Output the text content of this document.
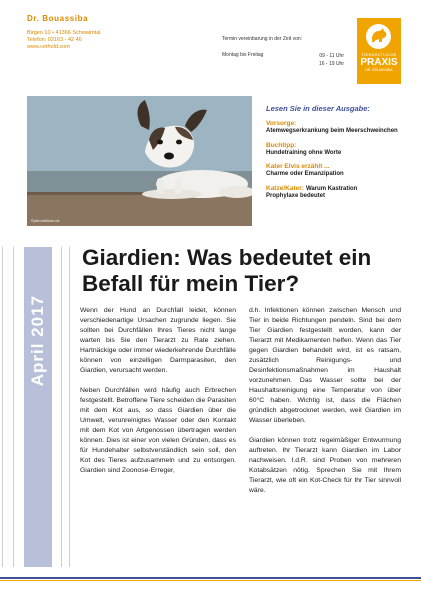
Dr. Bouassiba
Birgen 10 • 41366 Schwalmtal
Telefon: 02163 - 42 46
www.cethold.com
Termin vereinbarung in der Zeit von:
Montag bis Freitag	09 - 11 Uhr
16 - 19 Uhr
TIERÄRZTLICHE
PRAXIS
DR. BOUASSIBA
©pitronbilicer.de
Lesen Sie in dieser Ausgabe:
Vorsorge:
Atemwegserkrankung beim Meerschweinchen
Buchtipp:
Hundetraining ohne Worte
Kater Elvis erzählt ...
Charme oder Emanzipation
Katze/Kater: Warum Kastration
Prophylaxe bedeutet
April 2017
Giardien: Was bedeutet ein Befall für mein Tier?

Wenn der Hund an Durchfall leidet, können verschiedenartige Ursachen zugrunde liegen. Sie sollten bei Durchfällen Ihres Tieres nicht lange warten bis Sie den Tierarzt zu Rate ziehen. Hartnäckige oder immer wiederkehrende Durchfälle können von einzelligen Darmparasiten, den Giardien, verursacht werden.

Neben Durchfällen wird häufig auch Erbrechen festgestellt. Betroffene Tiere scheiden die Parasiten mit dem Kot aus, so dass Giardien über die Umwelt, verunreinigtes Wasser oder den Kontakt mit dem Kot von Artgenossen übertragen werden können. Dies ist einer von vielen Gründen, dass es für Hundehalter selbstverständlich sein soll, den Kot des Tieres aufzusammeln und zu entsorgen. Giardien sind Zoonose-Erreger,

d.h. Infektionen können zwischen Mensch und Tier in beide Richtungen pendeln. Sind bei dem Tier Giardien festgestellt worden, kann der Tierarzt mit Medikamenten helfen. Wenn das Tier gegen Giardien behandelt wird, ist es ratsam, zusätzlich Reinigungs- und Desinfektionsmaßnahmen im Haushalt vorzunehmen. Das Wasser sollte bei der Haushaltsreinigung eine Temperatur von über 60°C haben. Wichtig ist, dass die Flächen gründlich abgetrocknet werden, weil Giardien im Wasser überleben.

Giardien können trotz regelmäßiger Entwurmung auftreten. Ihr Tierarzt kann Giardien im Labor nachweisen. I.d.R. sind Proben von mehreren Kotabsätzen nötig. Sprechen Sie mit Ihrem Tierarzt, wie oft ein Kot-Check für Ihr Tier sinnvoll wäre.
